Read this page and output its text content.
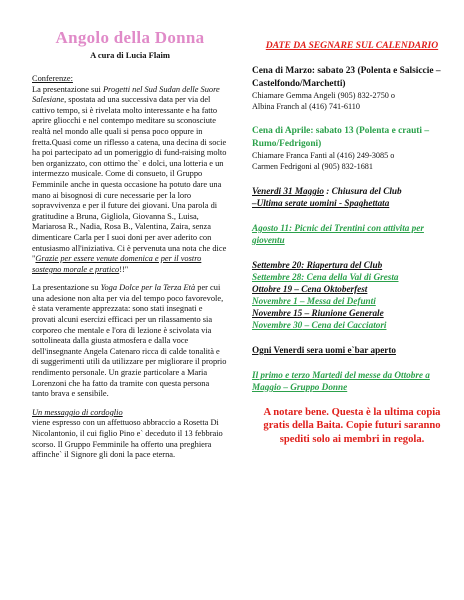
Angolo della Donna
A cura di Lucia Flaim
Conferenze:
La presentazione sui Progetti nel Sud Sudan delle Suore Salesiane, spostata ad una successiva data per via del cattivo tempo, si è rivelata molto interessante e ha fatto aprire gliocchi e nel contempo meditare su sconosciute realtà nel mondo alle quali si pensa poco oppure in fretta.Quasi come un riflesso a catena, una decina di socie ha poi partecipato ad un pomeriggio di fund-raising molto ben organizzato, con ottimo the` e dolci, una lotteria e un intermezzo musicale. Come di consueto, il Gruppo Femminile anche in questa occasione ha potuto dare una mano ai bisognosi di cure necessarie per la loro sopravvivenza e per il future dei giovani. Una parola di gratitudine a Bruna, Gigliola, Giovanna S., Luisa, Mariarosa R., Nadia, Rosa B., Valentina, Zaira, senza dimenticare Carla per I suoi doni per aver aderito con entusiasmo all'iniziativa. Ci è pervenuta una nota che dice "Grazie per essere venute domenica e per il vostro sostegno morale e pratico!!"
La presentazione su Yoga Dolce per la Terza Età per cui una adesione non alta per via del tempo poco favorevole, è stata veramente apprezzata: sono stati insegnati e provati alcuni esercizi efficaci per un rilassamento sia corporeo che mentale e l'ora di lezione è scivolata via sottolineata dalla giusta atmosfera e dalla voce dell'insegnante Angela Catenaro ricca di calde tonalità e di suggerimenti utili da utilizzare per migliorare il proprio rendimento personale. Un grazie particolare a Maria Lorenzoni che ha fatto da tramite con questa persona tanto brava e sensibile.
Un messaggio di cordoglio
viene espresso con un affettuoso abbraccio a Rosetta Di Nicolantonio, il cui figlio Pino e` deceduto il 13 febbraio scorso. Il Gruppo Femminile ha offerto una preghiera affinche` il Signore gli doni la pace eterna.
DATE DA SEGNARE SUL CALENDARIO

Cena di Marzo: sabato 23 (Polenta e Salsiccie – Castelfondo/Marchetti)

Chiamare Gemma Angeli (905) 832-2750 o
Albina Franch al (416) 741-6110

Cena di Aprile: sabato 13 (Polenta e crauti – Rumo/Fedrigoni)

Chiamare Franca Fanti al (416) 249-3085 o
Carmen Fedrigoni al (905) 832-1681

Venerdi 31 Maggio : Chiusura del Club
–Ultima serate uomini - Spaghettata
Agosto 11: Picnic dei Trentini con attivita per gioventu
Settembre 20: Riapertura del Club
Settembre 28: Cena della Val di Gresta
Ottobre 19 – Cena Oktoberfest
Novembre 1 – Messa dei Defunti
Novembre 15 – Riunione Generale
Novembre 30 – Cena dei Cacciatori
Ogni Venerdi sera uomi e`bar aperto
Il primo e terzo Martedi del messe da Ottobre a Maggio – Gruppo Donne
A notare bene. Questa è la ultima copia gratis della Baita. Copie futuri saranno spediti solo ai membri in regola.
